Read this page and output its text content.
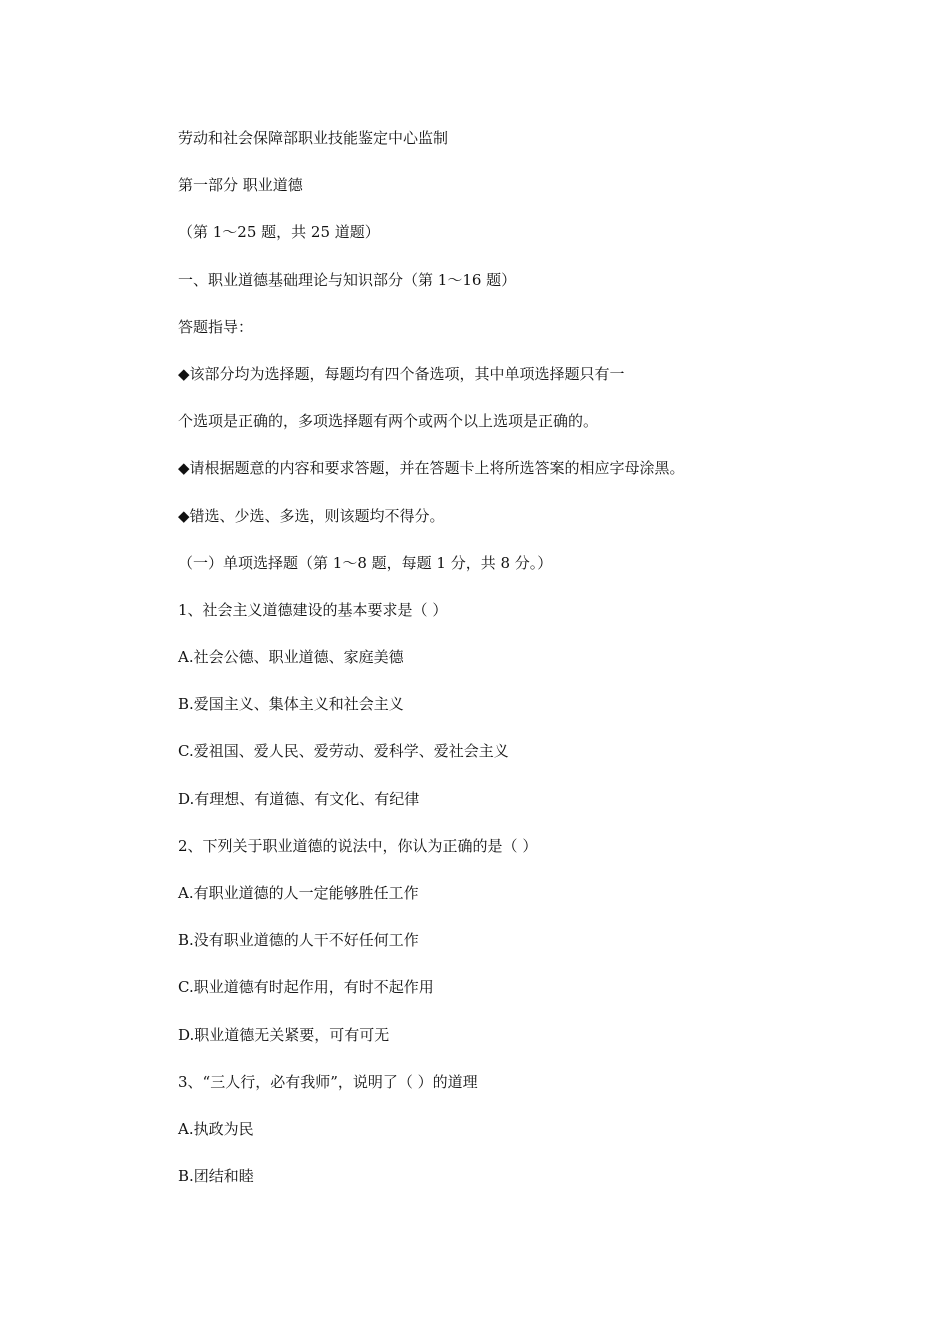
劳动和社会保障部职业技能鉴定中心监制
第一部分 职业道德
（第 1～25 题，共 25 道题）
一、职业道德基础理论与知识部分（第 1～16 题）
答题指导：
◆该部分均为选择题，每题均有四个备选项，其中单项选择题只有一
个选项是正确的，多项选择题有两个或两个以上选项是正确的。
◆请根据题意的内容和要求答题，并在答题卡上将所选答案的相应字母涂黑。
◆错选、少选、多选，则该题均不得分。
（一）单项选择题（第 1～8 题，每题 1 分，共 8 分。）
1、社会主义道德建设的基本要求是（ ）
A.社会公德、职业道德、家庭美德
B.爱国主义、集体主义和社会主义
C.爱祖国、爱人民、爱劳动、爱科学、爱社会主义
D.有理想、有道德、有文化、有纪律
2、下列关于职业道德的说法中，你认为正确的是（ ）
A.有职业道德的人一定能够胜任工作
B.没有职业道德的人干不好任何工作
C.职业道德有时起作用，有时不起作用
D.职业道德无关紧要，可有可无
3、“三人行，必有我师”，说明了（ ）的道理
A.执政为民
B.团结和睦
